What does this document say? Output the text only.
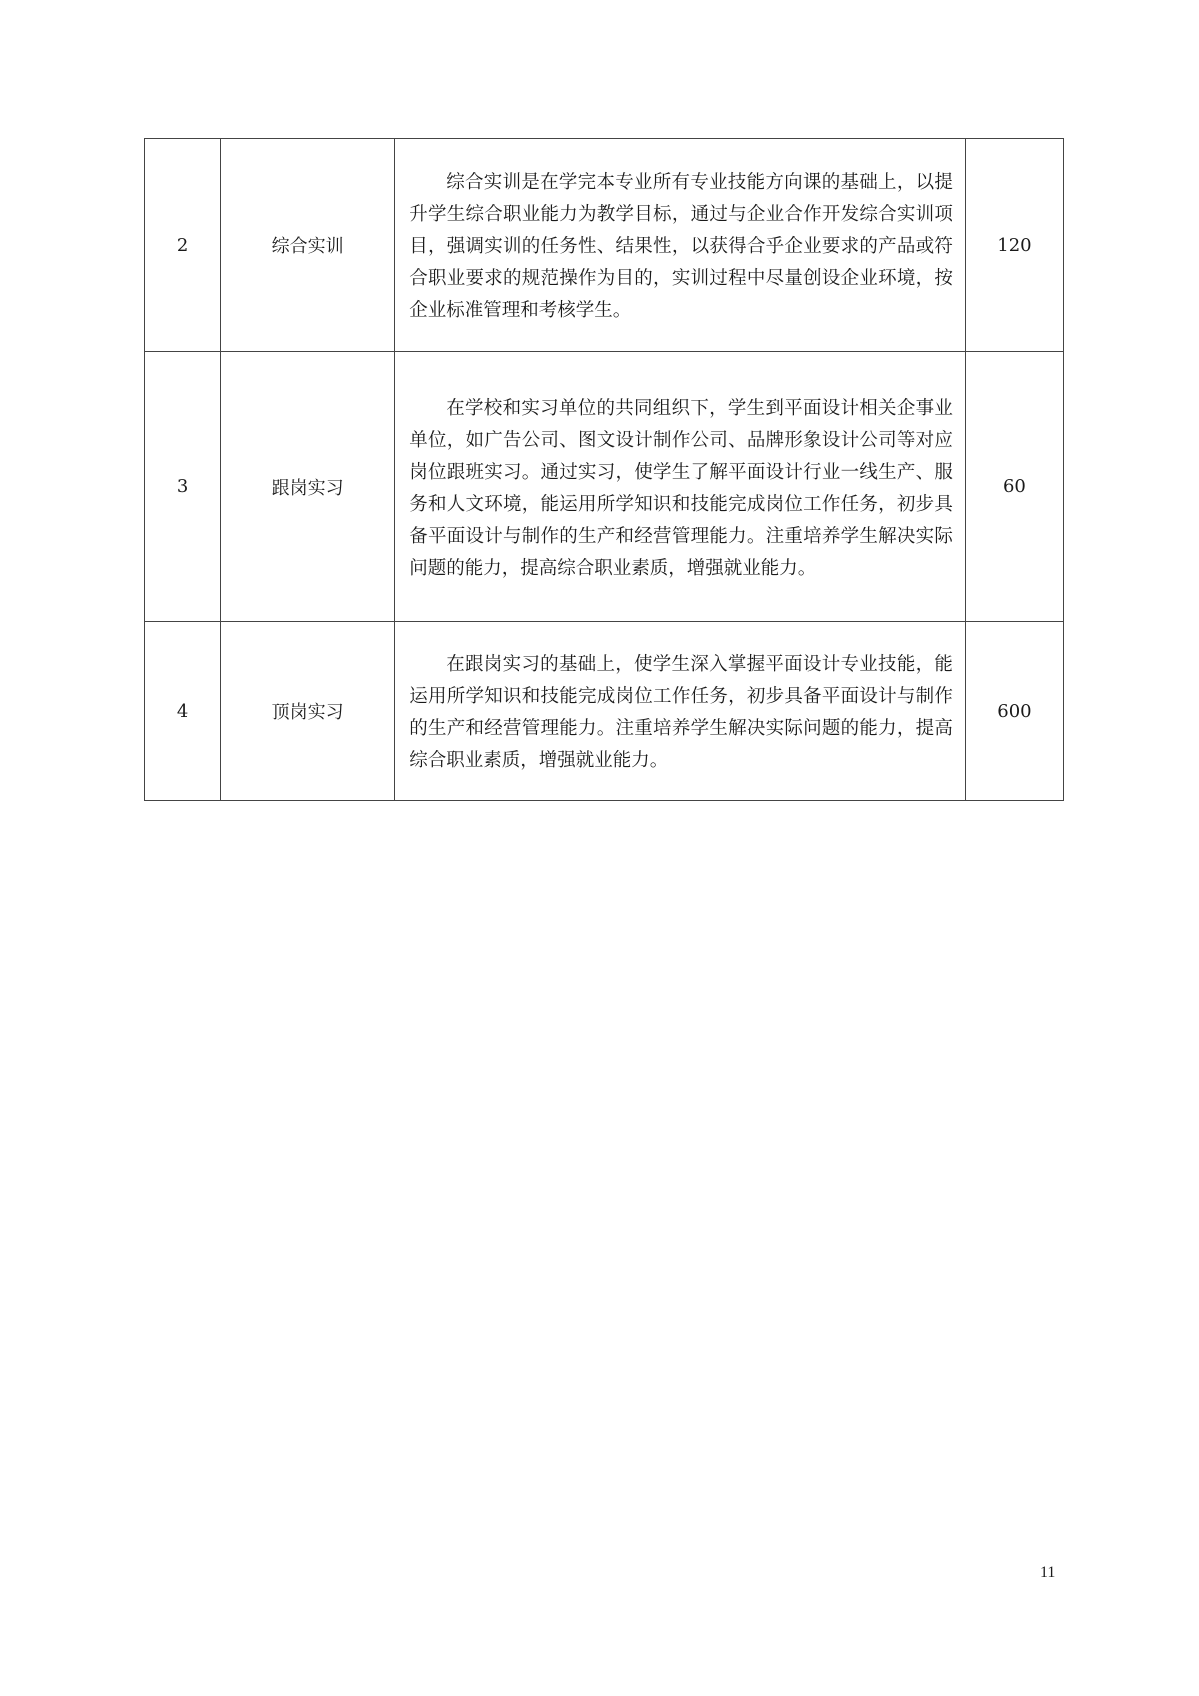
2	综合实训	综合实训是在学完本专业所有专业技能方向课的基础上，以提升学生综合职业能力为教学目标，通过与企业合作开发综合实训项目，强调实训的任务性、结果性，以获得合乎企业要求的产品或符合职业要求的规范操作为目的，实训过程中尽量创设企业环境，按企业标准管理和考核学生。	120
3	跟岗实习	在学校和实习单位的共同组织下，学生到平面设计相关企事业单位，如广告公司、图文设计制作公司、品牌形象设计公司等对应岗位跟班实习。通过实习，使学生了解平面设计行业一线生产、服务和人文环境，能运用所学知识和技能完成岗位工作任务，初步具备平面设计与制作的生产和经营管理能力。注重培养学生解决实际问题的能力，提高综合职业素质，增强就业能力。	60
4	顶岗实习	在跟岗实习的基础上，使学生深入掌握平面设计专业技能，能运用所学知识和技能完成岗位工作任务，初步具备平面设计与制作的生产和经营管理能力。注重培养学生解决实际问题的能力，提高综合职业素质，增强就业能力。	600
11
